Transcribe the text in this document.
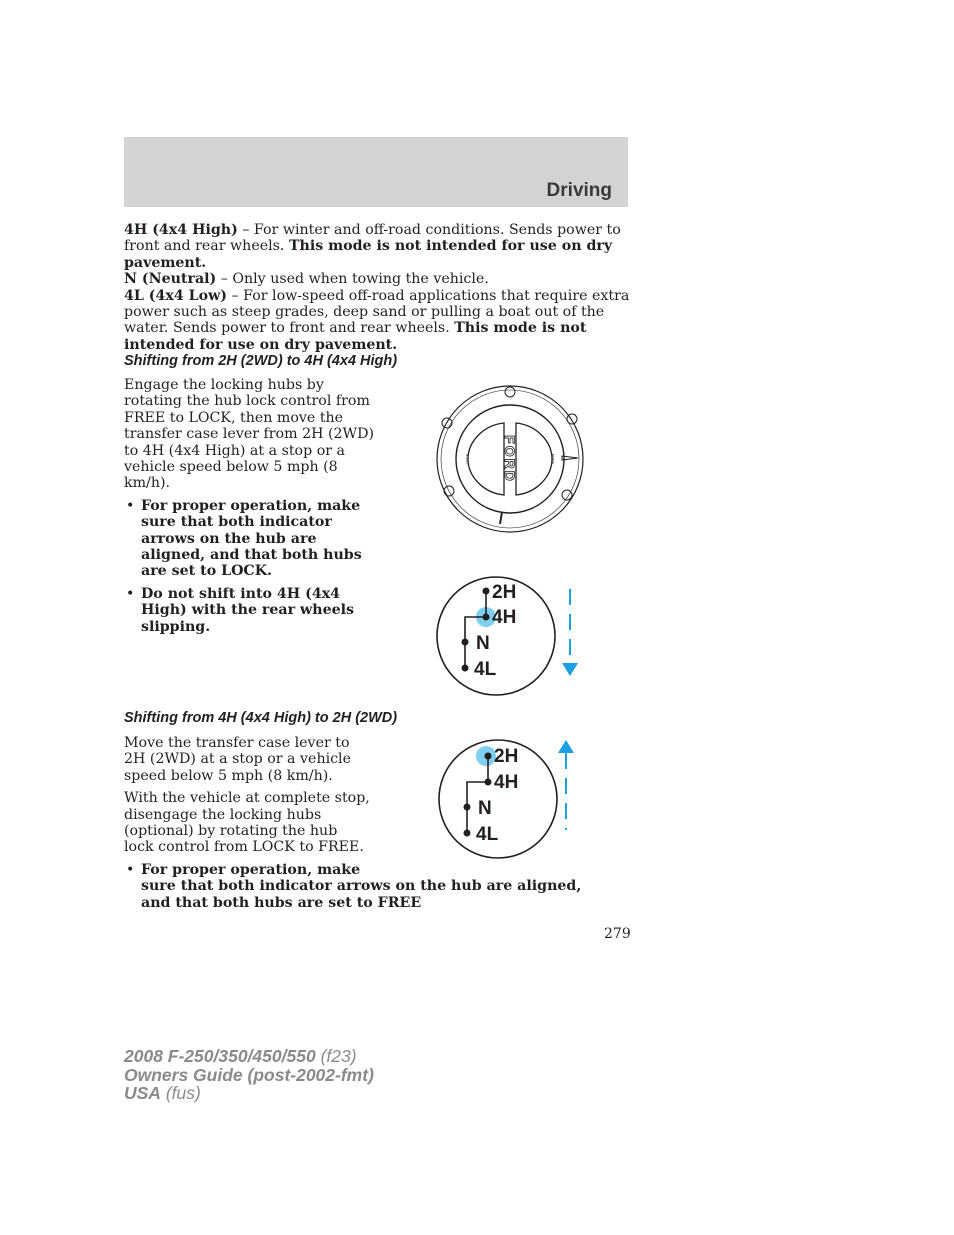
Driving

4H (4x4 High) – For winter and off-road conditions. Sends power to front and rear wheels. This mode is not intended for use on dry pavement.

N (Neutral) – Only used when towing the vehicle.

4L (4x4 Low) – For low-speed off-road applications that require extra power such as steep grades, deep sand or pulling a boat out of the water. Sends power to front and rear wheels. This mode is not intended for use on dry pavement.

Shifting from 2H (2WD) to 4H (4x4 High)

Engage the locking hubs by rotating the hub lock control from FREE to LOCK, then move the transfer case lever from 2H (2WD) to 4H (4x4 High) at a stop or a vehicle speed below 5 mph (8 km/h).

• For proper operation, make sure that both indicator arrows on the hub are aligned, and that both hubs are set to LOCK.
• Do not shift into 4H (4x4 High) with the rear wheels slipping.
FORD
LOCK	FREE
2H
4H
N
4L
Shifting from 4H (4x4 High) to 2H (2WD)

Move the transfer case lever to 2H (2WD) at a stop or a vehicle speed below 5 mph (8 km/h).

With the vehicle at complete stop, disengage the locking hubs (optional) by rotating the hub lock control from LOCK to FREE.

• For proper operation, make
sure that both indicator arrows on the hub are aligned, and that both hubs are set to FREE
2H
4H
N
4L
279
2008 F-250/350/450/550 (f23)
Owners Guide (post-2002-fmt)
USA (fus)
